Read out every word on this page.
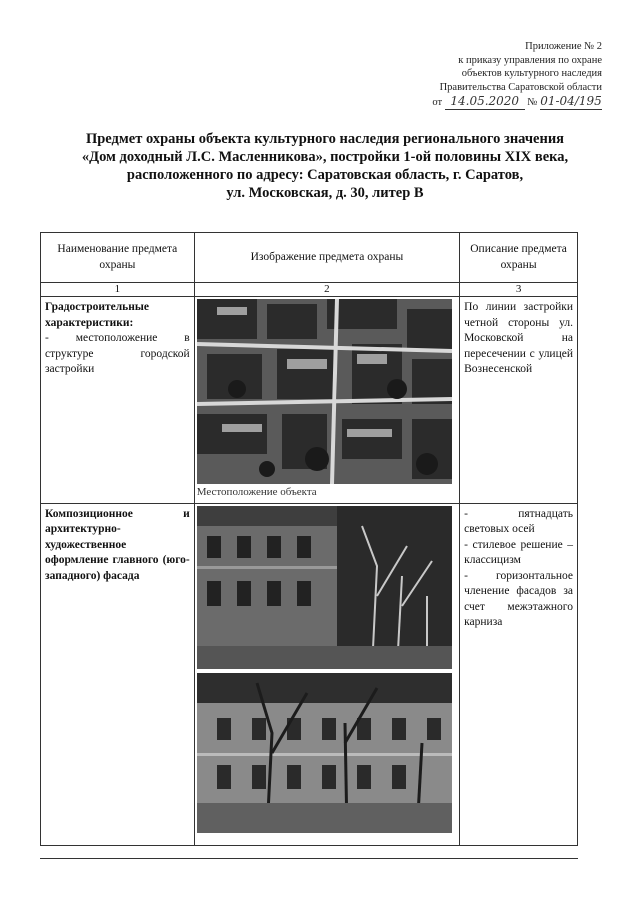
Приложение № 2
к приказу управления по охране
объектов культурного наследия
Правительства Саратовской области
от 14.05.2020 № 01-04/195
Предмет охраны объекта культурного наследия регионального значения
«Дом доходный Л.С. Масленникова», постройки 1-ой половины XIX века,
расположенного по адресу: Саратовская область, г. Саратов,
ул. Московская, д. 30, литер В
Наименование предмета охраны	Изображение предмета охраны	Описание предмета охраны
1	2	3

Градостроительные характеристики:
- местоположение в структуре городской застройки	Местоположение объекта	По линии застройки четной стороны ул. Московской на пересечении с улицей Вознесенской

Композиционное и архитектурно-художественное оформление главного (юго-западного) фасада		- пятнадцать световых осей
- стилевое решение – классицизм
- горизонтальное членение фасадов за счет межэтажного карниза
